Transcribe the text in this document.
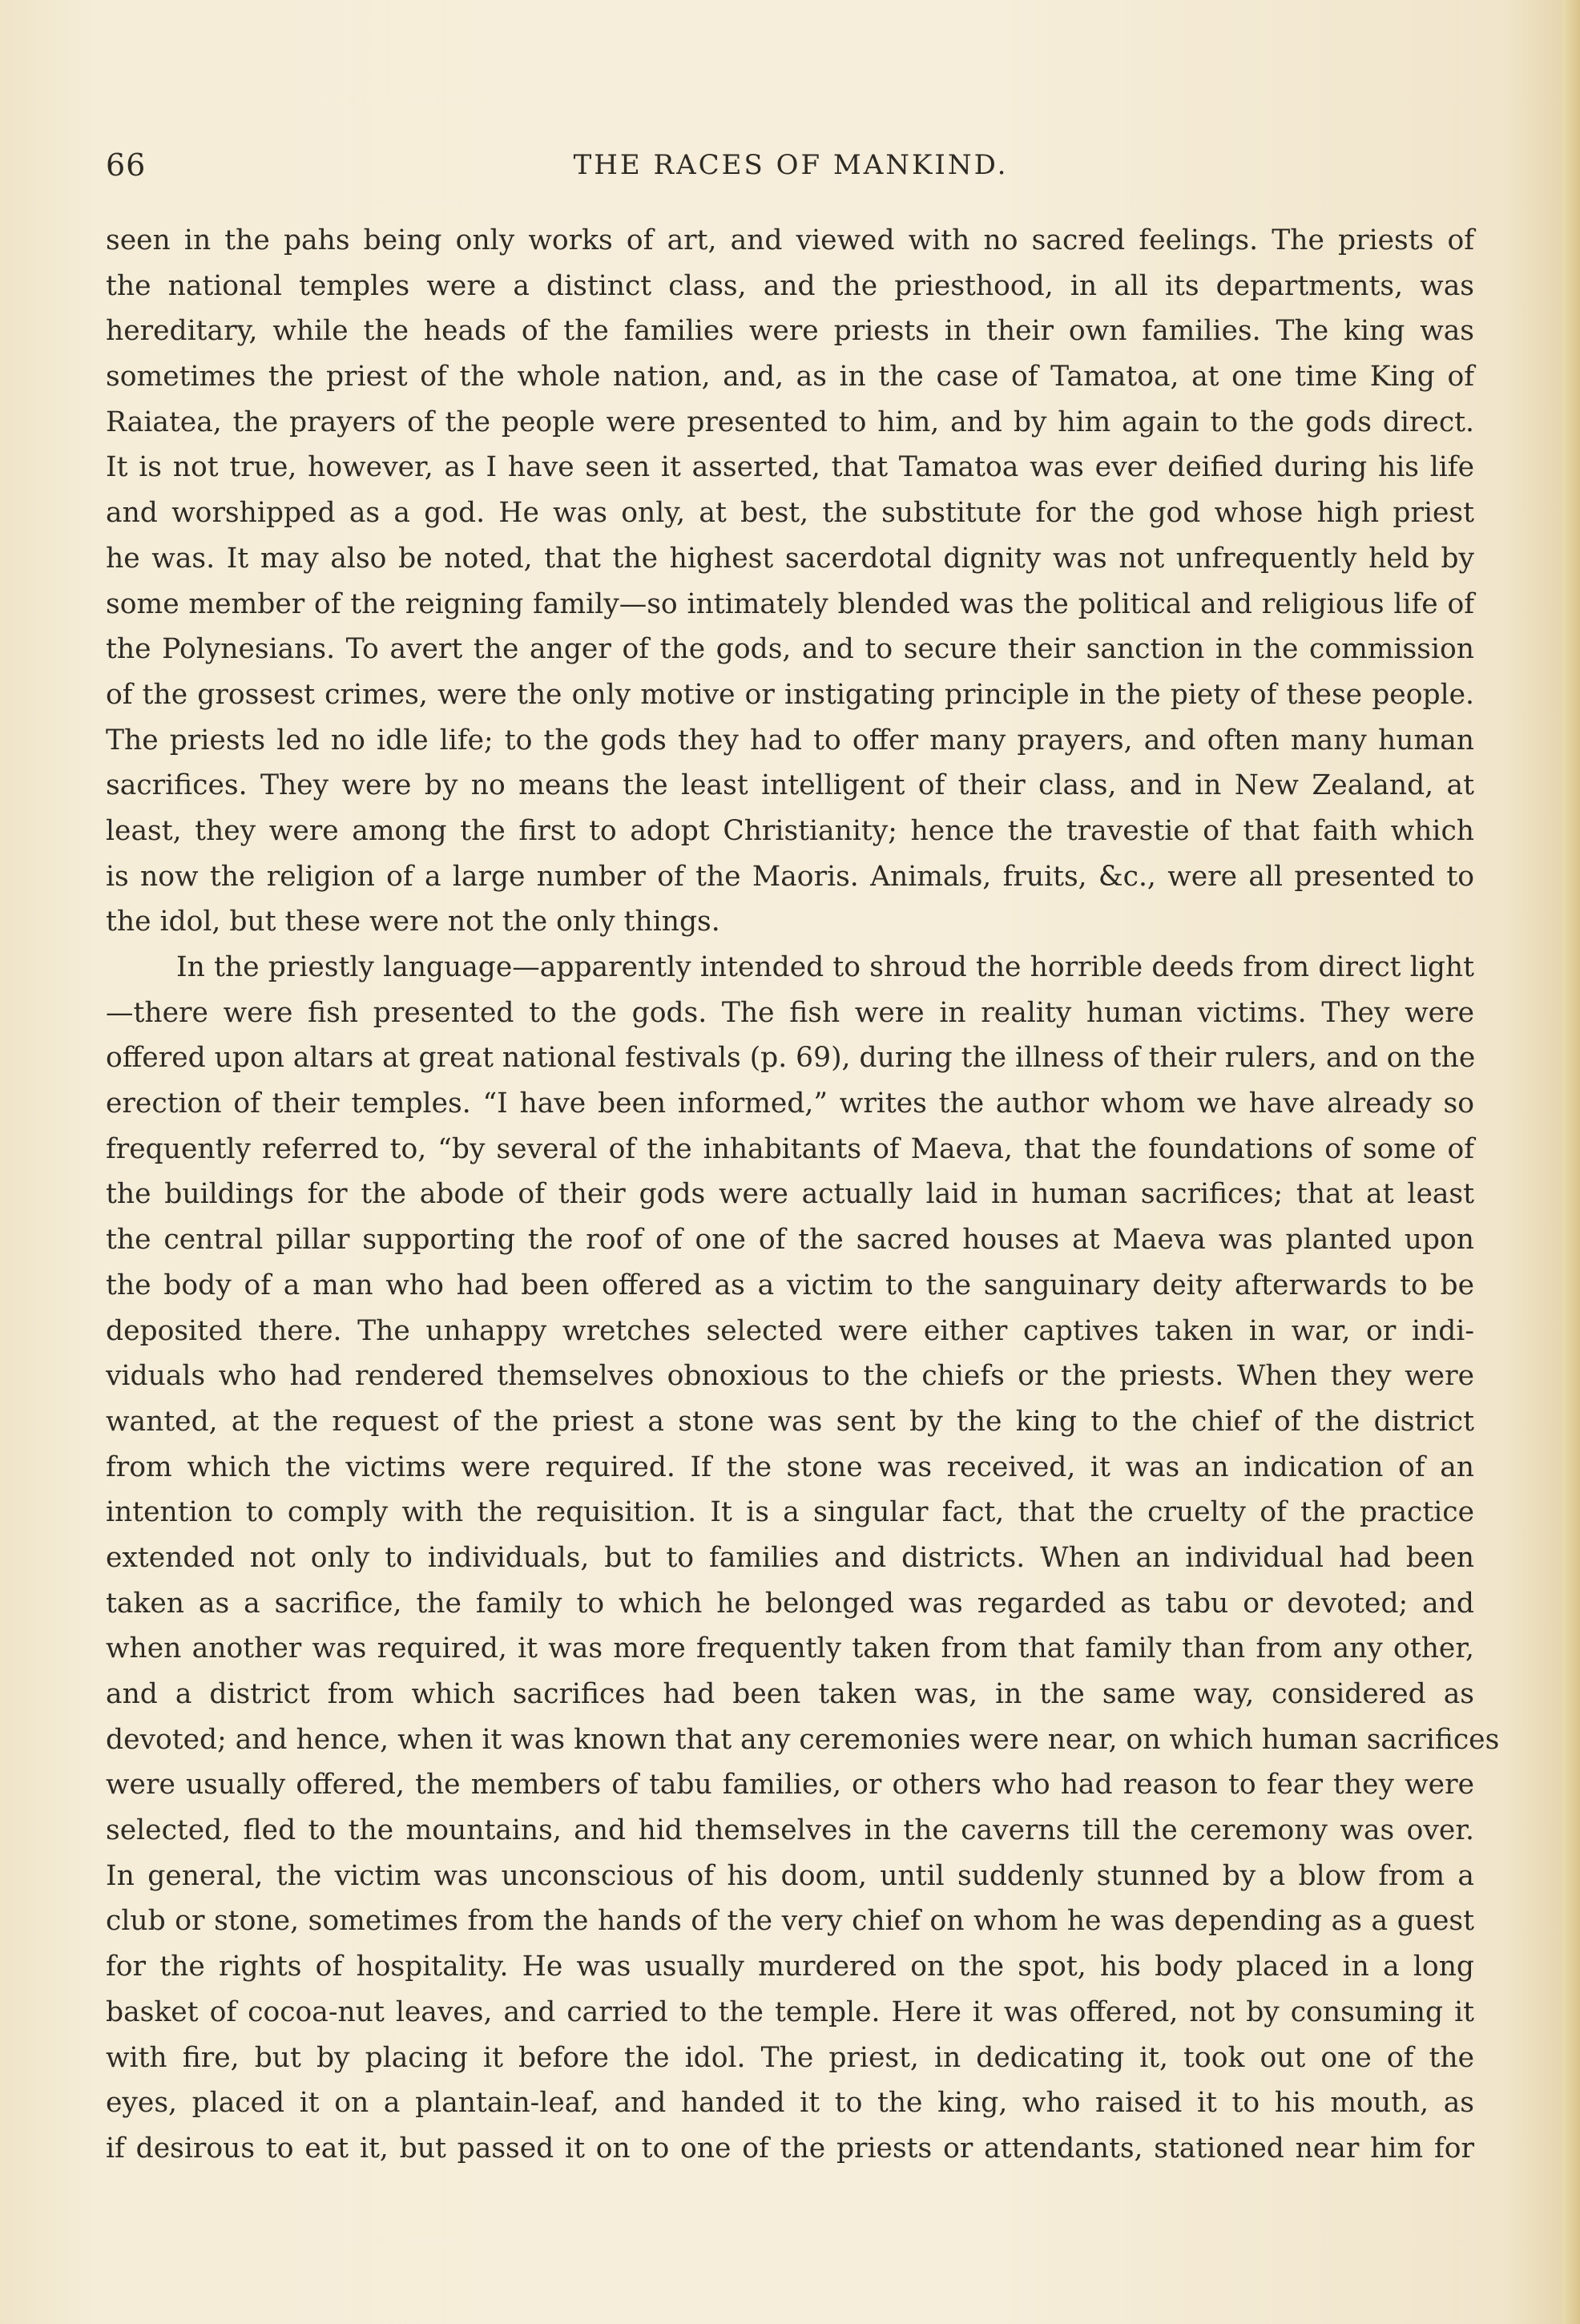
66	THE RACES OF MANKIND.
seen in the pahs being only works of art, and viewed with no sacred feelings. The priests of
the national temples were a distinct class, and the priesthood, in all its departments, was
hereditary, while the heads of the families were priests in their own families. The king was
sometimes the priest of the whole nation, and, as in the case of Tamatoa, at one time King of
Raiatea, the prayers of the people were presented to him, and by him again to the gods direct.
It is not true, however, as I have seen it asserted, that Tamatoa was ever deified during his life
and worshipped as a god. He was only, at best, the substitute for the god whose high priest
he was. It may also be noted, that the highest sacerdotal dignity was not unfrequently held by
some member of the reigning family—so intimately blended was the political and religious life of
the Polynesians. To avert the anger of the gods, and to secure their sanction in the commission
of the grossest crimes, were the only motive or instigating principle in the piety of these people.
The priests led no idle life; to the gods they had to offer many prayers, and often many human
sacrifices. They were by no means the least intelligent of their class, and in New Zealand, at
least, they were among the first to adopt Christianity; hence the travestie of that faith which
is now the religion of a large number of the Maoris. Animals, fruits, &c., were all presented to
the idol, but these were not the only things.
In the priestly language—apparently intended to shroud the horrible deeds from direct light
—there were fish presented to the gods. The fish were in reality human victims. They were
offered upon altars at great national festivals (p. 69), during the illness of their rulers, and on the
erection of their temples. “I have been informed,” writes the author whom we have already so
frequently referred to, “by several of the inhabitants of Maeva, that the foundations of some of
the buildings for the abode of their gods were actually laid in human sacrifices; that at least
the central pillar supporting the roof of one of the sacred houses at Maeva was planted upon
the body of a man who had been offered as a victim to the sanguinary deity afterwards to be
deposited there. The unhappy wretches selected were either captives taken in war, or indi-
viduals who had rendered themselves obnoxious to the chiefs or the priests. When they were
wanted, at the request of the priest a stone was sent by the king to the chief of the district
from which the victims were required. If the stone was received, it was an indication of an
intention to comply with the requisition. It is a singular fact, that the cruelty of the practice
extended not only to individuals, but to families and districts. When an individual had been
taken as a sacrifice, the family to which he belonged was regarded as tabu or devoted; and
when another was required, it was more frequently taken from that family than from any other,
and a district from which sacrifices had been taken was, in the same way, considered as
devoted; and hence, when it was known that any ceremonies were near, on which human sacrifices
were usually offered, the members of tabu families, or others who had reason to fear they were
selected, fled to the mountains, and hid themselves in the caverns till the ceremony was over.
In general, the victim was unconscious of his doom, until suddenly stunned by a blow from a
club or stone, sometimes from the hands of the very chief on whom he was depending as a guest
for the rights of hospitality. He was usually murdered on the spot, his body placed in a long
basket of cocoa-nut leaves, and carried to the temple. Here it was offered, not by consuming it
with fire, but by placing it before the idol. The priest, in dedicating it, took out one of the
eyes, placed it on a plantain-leaf, and handed it to the king, who raised it to his mouth, as
if desirous to eat it, but passed it on to one of the priests or attendants, stationed near him for
